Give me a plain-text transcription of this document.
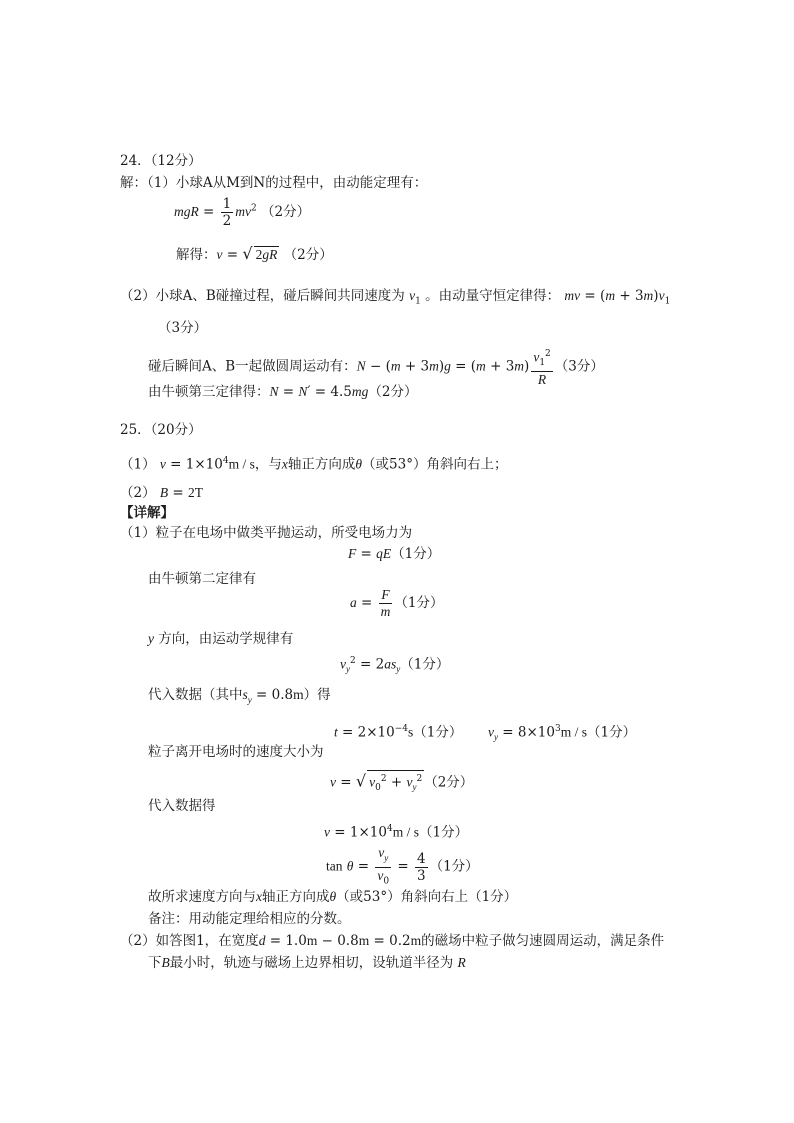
24．（12分）
解：（1）小球A从M到N的过程中，由动能定理有：
mgR = $\frac{1}{2} mv^2$ （2分）
解得：v = √ 2gR （2分）
（2）小球A、B碰撞过程，碰后瞬间共同速度为 $v_1$ 。由动量守恒定律得： mv = $(m + 3m)v_1$
（3分）
碰后瞬间A、B一起做圆周运动有：$N - (m + 3m)g = (m + 3m) \frac{v_1^2}{R} (3$分）
由牛顿第三定律得：N = N′ = 4.5mg（2分）
25．（20分）
（1） $v = 1\times 10^4m / s$，与x轴正方向成θ（或53°）角斜向右上；
（2） B = 2T
【详解】
（1）粒子在电场中做类平抛运动，所受电场力为
F = qE（1分）
由牛顿第二定律有
$a = \frac{F}{m} (1$分）
y 方向，由运动学规律有
$v_y^2 = 2as_y(1$分）
代入数据（其中$s_y = 0.8m$）得
$t = 2\times 10^{-4}s(1$分） $v_y = 8\times 10^3m / s(1$分）
粒子离开电场时的速度大小为
v = √ $v_0^2 + v_y^2$ （2分）
代入数据得
$v = 1\times 10^4m / s(1$分）
$\tan \theta = \frac{v_y}{v_0} = \frac{4}{3} (1$分）
故所求速度方向与x轴正方向成θ（或53°）角斜向右上（1分）
备注：用动能定理给相应的分数。
（2）如答图1，在宽度d = 1.0m − 0.8m = 0.2m的磁场中粒子做匀速圆周运动，满足条件
下B最小时，轨迹与磁场上边界相切，设轨道半径为 R
